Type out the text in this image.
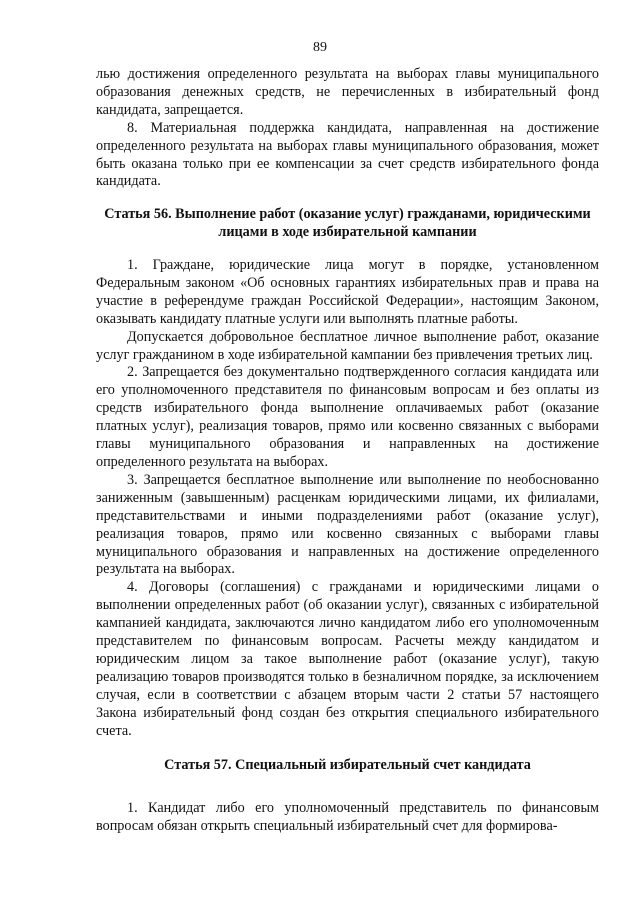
89

лью достижения определенного результата на выборах главы муниципального образования денежных средств, не перечисленных в избирательный фонд кандидата, запрещается.

8. Материальная поддержка кандидата, направленная на достижение определенного результата на выборах главы муниципального образования, может быть оказана только при ее компенсации за счет средств избирательного фонда кандидата.

Статья 56. Выполнение работ (оказание услуг) гражданами, юридическими лицами в ходе избирательной кампании

1. Граждане, юридические лица могут в порядке, установленном Федеральным законом «Об основных гарантиях избирательных прав и права на участие в референдуме граждан Российской Федерации», настоящим Законом, оказывать кандидату платные услуги или выполнять платные работы.

Допускается добровольное бесплатное личное выполнение работ, оказание услуг гражданином в ходе избирательной кампании без привлечения третьих лиц.

2. Запрещается без документально подтвержденного согласия кандидата или его уполномоченного представителя по финансовым вопросам и без оплаты из средств избирательного фонда выполнение оплачиваемых работ (оказание платных услуг), реализация товаров, прямо или косвенно связанных с выборами главы муниципального образования и направленных на достижение определенного результата на выборах.

3. Запрещается бесплатное выполнение или выполнение по необоснованно заниженным (завышенным) расценкам юридическими лицами, их филиалами, представительствами и иными подразделениями работ (оказание услуг), реализация товаров, прямо или косвенно связанных с выборами главы муниципального образования и направленных на достижение определенного результата на выборах.

4. Договоры (соглашения) с гражданами и юридическими лицами о выполнении определенных работ (об оказании услуг), связанных с избирательной кампанией кандидата, заключаются лично кандидатом либо его уполномоченным представителем по финансовым вопросам. Расчеты между кандидатом и юридическим лицом за такое выполнение работ (оказание услуг), такую реализацию товаров производятся только в безналичном порядке, за исключением случая, если в соответствии с абзацем вторым части 2 статьи 57 настоящего Закона избирательный фонд создан без открытия специального избирательного счета.

Статья 57. Специальный избирательный счет кандидата

1. Кандидат либо его уполномоченный представитель по финансовым вопросам обязан открыть специальный избирательный счет для формирова-
